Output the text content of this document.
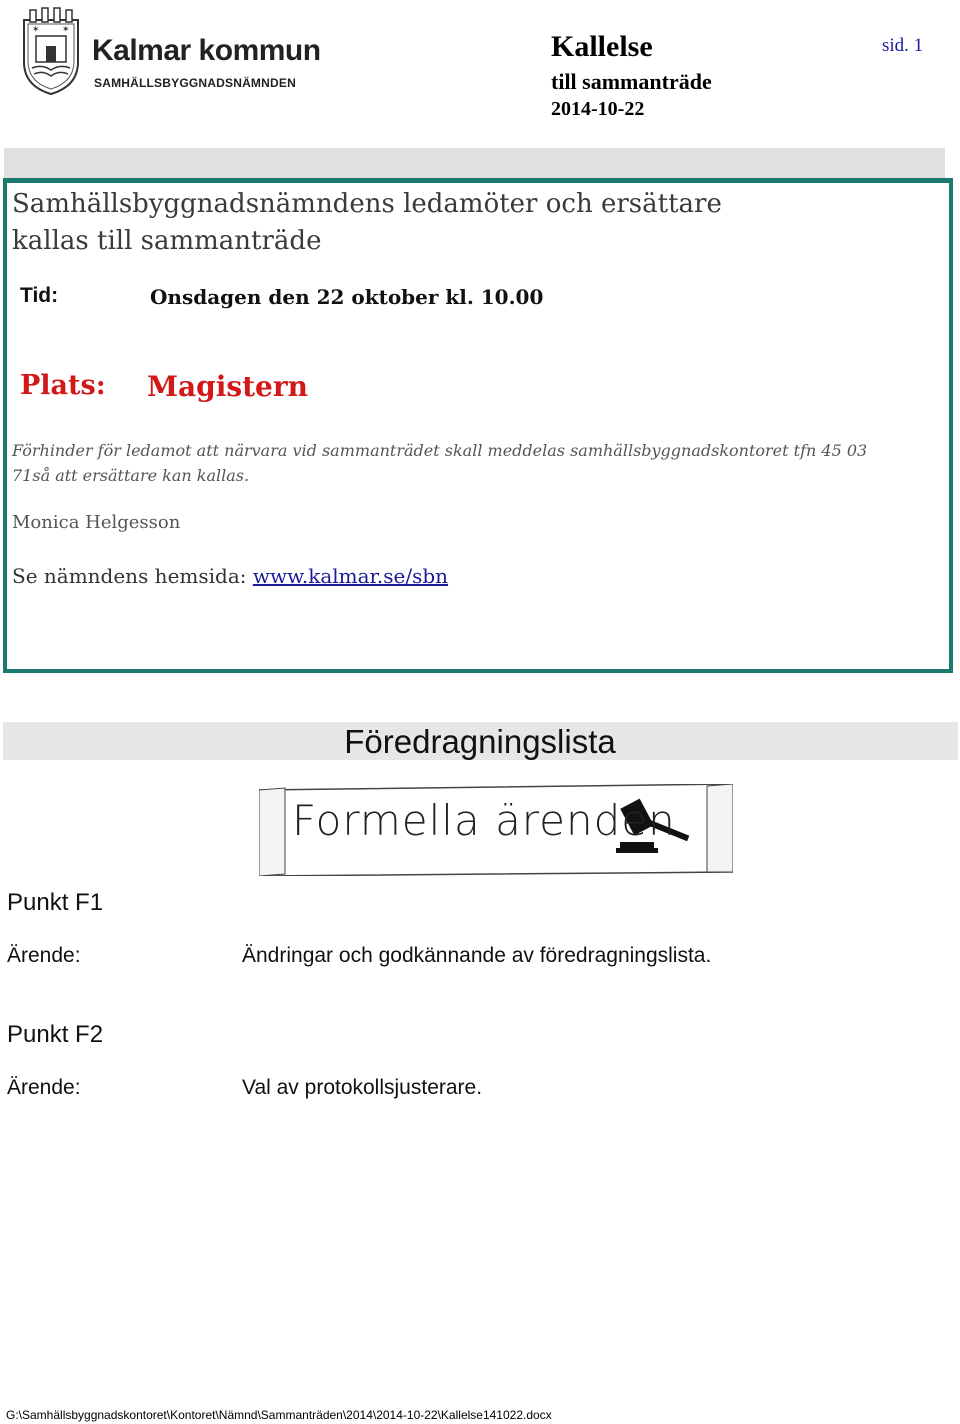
✶ ✶
Kalmar kommun
SAMHÄLLSBYGGNADSNÄMNDEN
Kallelse
till sammanträde
2014-10-22
sid. 1
Samhällsbyggnadsnämndens ledamöter och ersättare
kallas till sammanträde
Tid:	Onsdagen den 22 oktober kl. 10.00
Plats: Magistern
Förhinder för ledamot att närvara vid sammanträdet skall meddelas samhällsbyggnadskontoret tfn 45 03 71så att ersättare kan kallas.
Monica Helgesson
Se nämndens hemsida: www.kalmar.se/sbn
Föredragningslista
Formella ärenden
Punkt F1
Ärende:	Ändringar och godkännande av föredragningslista.
Punkt F2
Ärende:	Val av protokollsjusterare.
G:\Samhällsbyggnadskontoret\Kontoret\Nämnd\Sammanträden\2014\2014-10-22\Kallelse141022.docx
